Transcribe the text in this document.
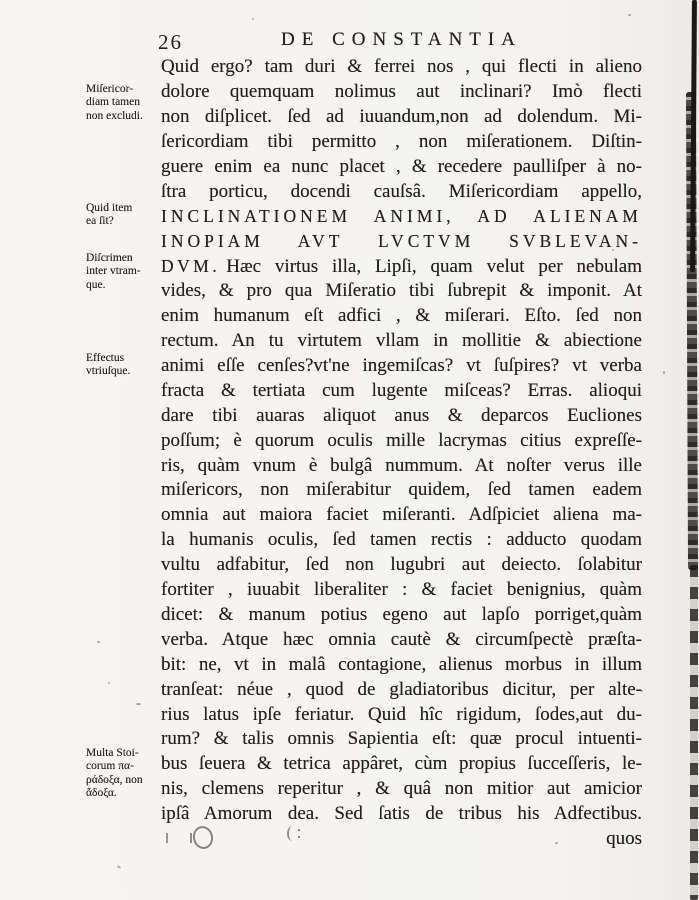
26	DE CONSTANTIA
Miſericor-
diam tamen
non excludi.
Quid item
ea ſit?
Diſcrimen
inter vtram-
que.
Effectus
vtriuſque.
Multa Stoi-
corum πα-
ράδοξα, non
ἄδοξα.
Quid ergo? tam duri & ferrei nos , qui flecti in alieno
dolore quemquam nolimus aut inclinari? Imò flecti
non diſplicet. ſed ad iuuandum,non ad dolendum. Mi-
ſericordiam tibi permitto , non miſerationem. Diſtin-
guere enim ea nunc placet , & recedere paulliſper à no-
ſtra porticu, docendi cauſsâ. Miſericordiam appello,
INCLINATIONEM ANIMI, AD ALIENAM
INOPIAM AVT LVCTVM SVBLEVAN-
DVM. Hæc virtus illa, Lipſi, quam velut per nebulam
vides, & pro qua Miſeratio tibi ſubrepit & imponit. At
enim humanum eſt adfici , & miſerari. Eſto. ſed non
rectum. An tu virtutem vllam in mollitie & abiectione
animi eſſe cenſes?vt'ne ingemiſcas? vt ſuſpires? vt verba
fracta & tertiata cum lugente miſceas? Erras. alioqui
dare tibi auaras aliquot anus & deparcos Eucliones
poſſum; è quorum oculis mille lacrymas citius expreſſe-
ris, quàm vnum è bulgâ nummum. At noſter verus ille
miſericors, non miſerabitur quidem, ſed tamen eadem
omnia aut maiora faciet miſeranti. Adſpiciet aliena ma-
la humanis oculis, ſed tamen rectis : adducto quodam
vultu adfabitur, ſed non lugubri aut deiecto. ſolabitur
fortiter , iuuabit liberaliter : & faciet benignius, quàm
dicet: & manum potius egeno aut lapſo porriget,quàm
verba. Atque hæc omnia cautè & circumſpectè præſta-
bit: ne, vt in malâ contagione, alienus morbus in illum
tranſeat: néue , quod de gladiatoribus dicitur, per alte-
rius latus ipſe feriatur. Quid hîc rigidum, ſodes,aut du-
rum? & talis omnis Sapientia eſt: quæ procul intuenti-
bus ſeuera & tetrica appâret, cùm propius ſucceſſeris, le-
nis, clemens reperitur , & quâ non mitior aut amicior
ipſâ Amorum dea. Sed ſatis de tribus his Adfectibus.
quos
